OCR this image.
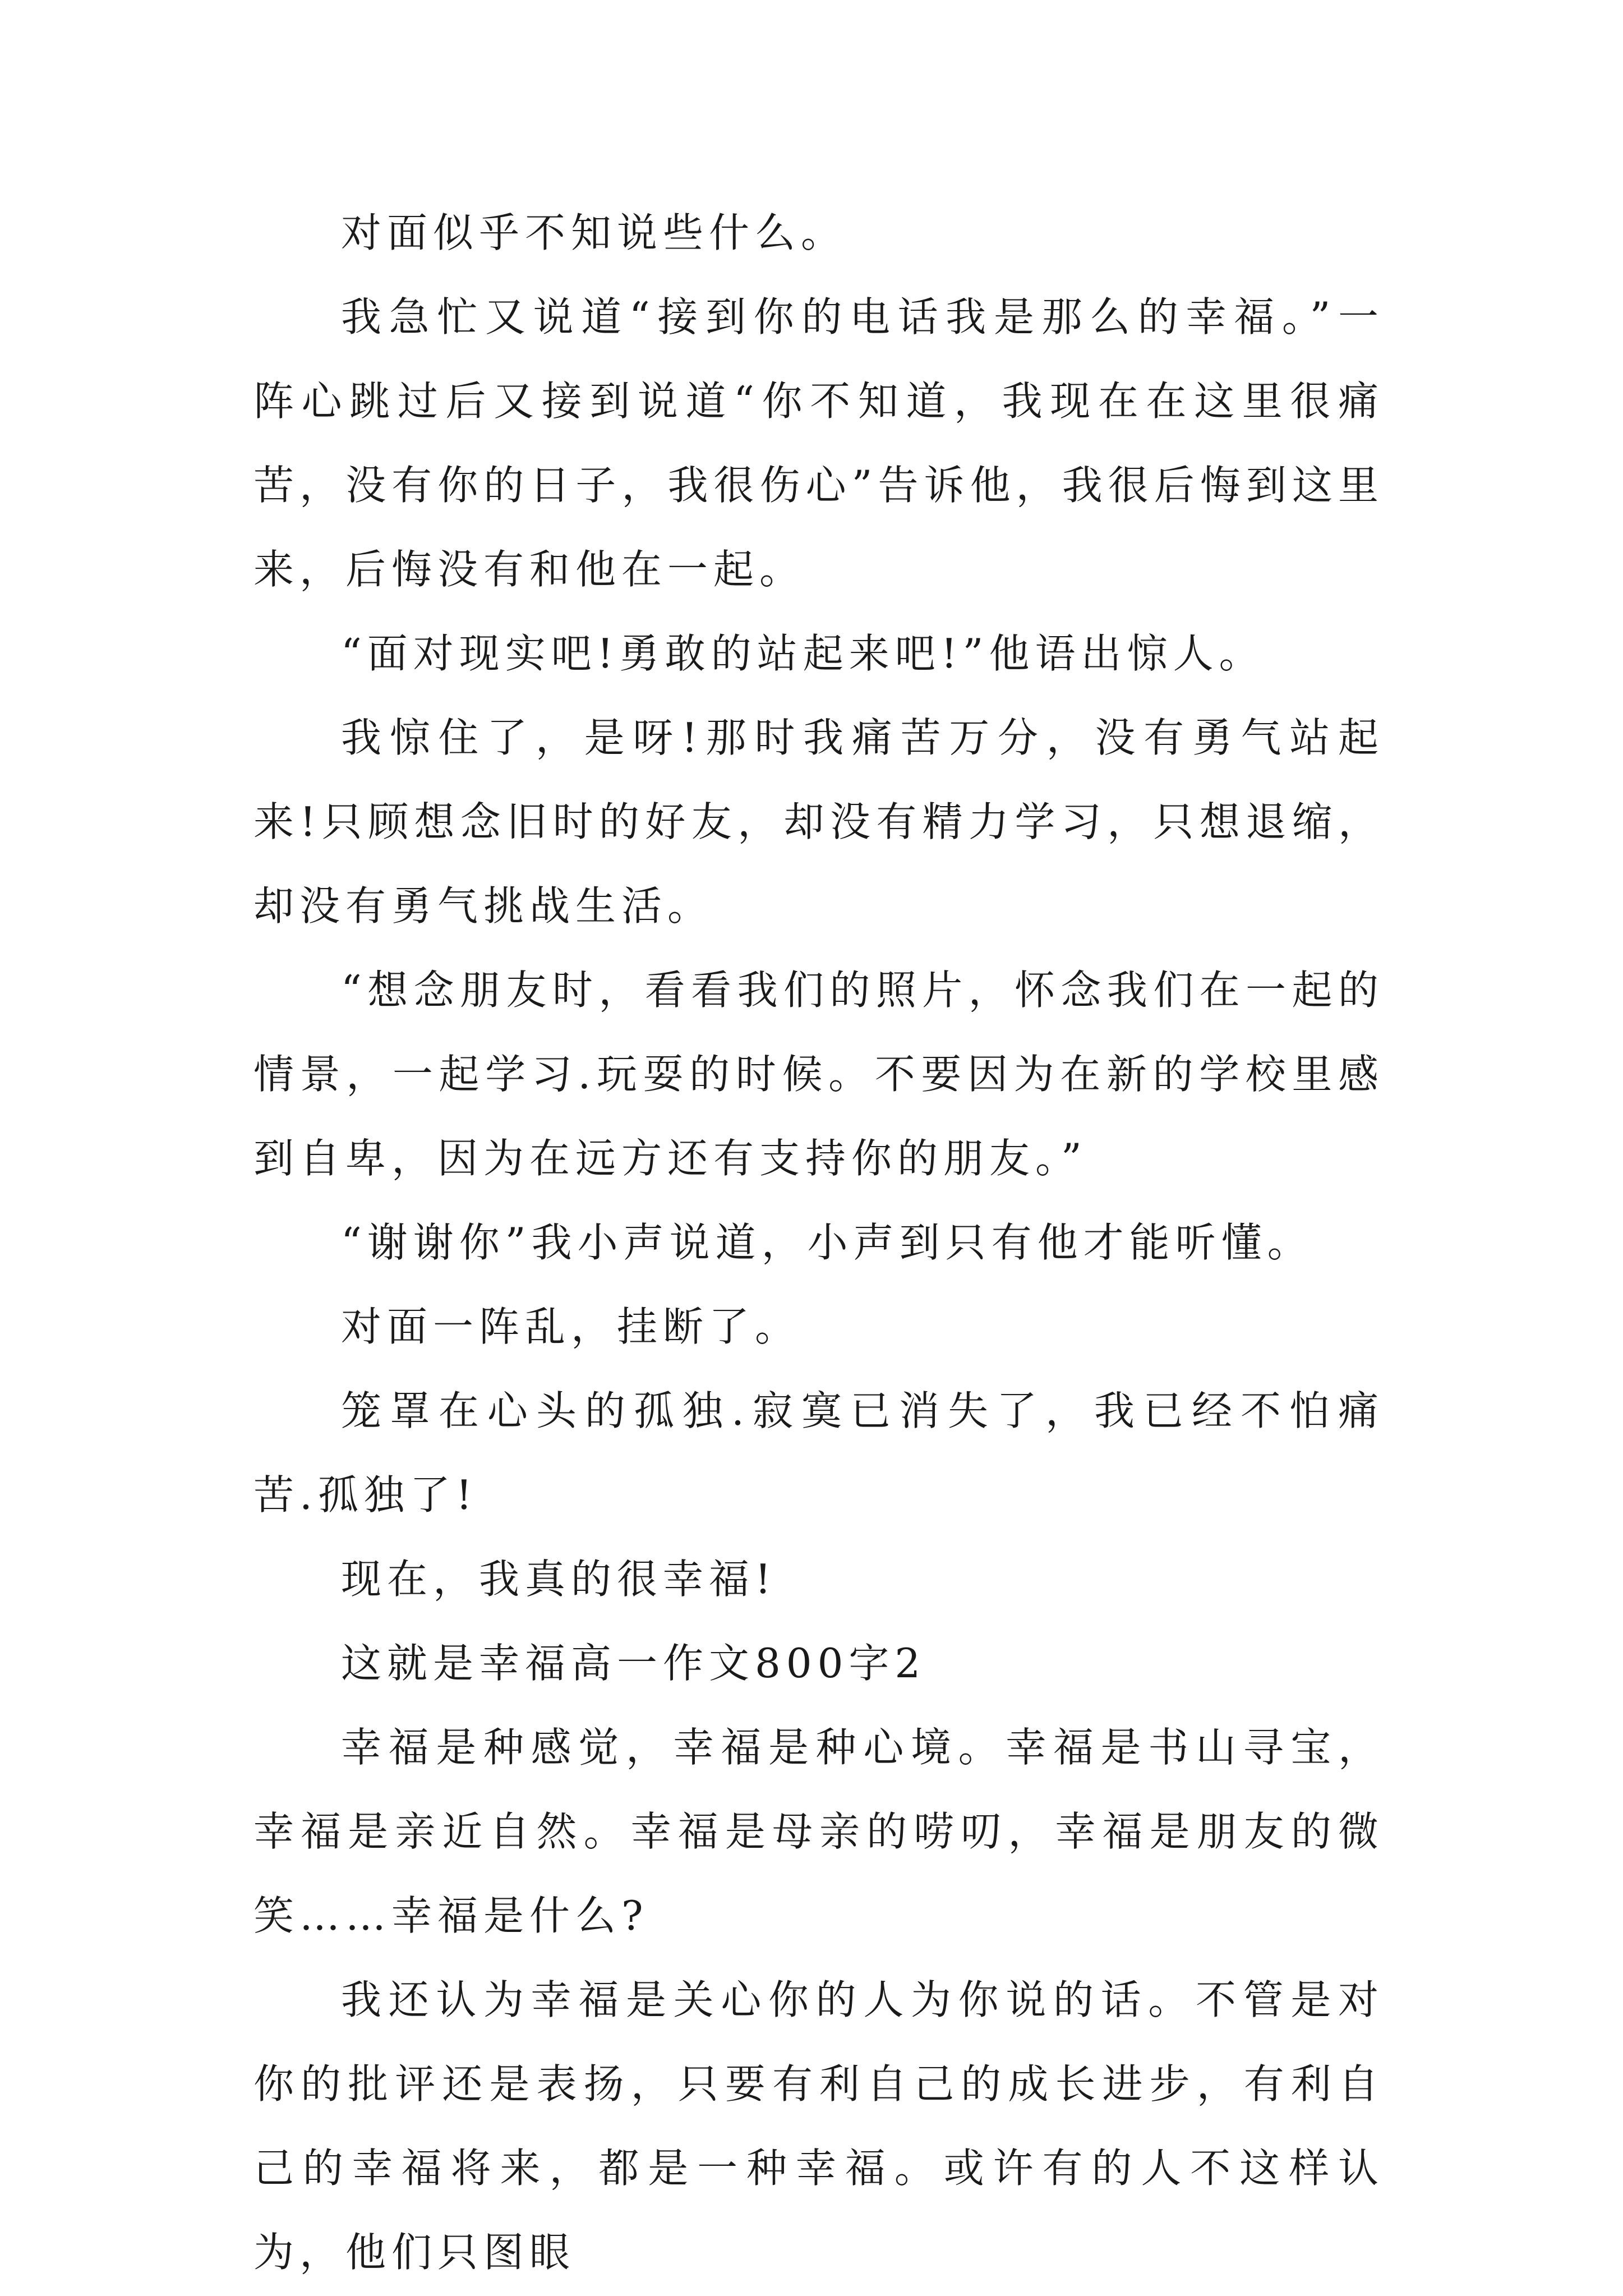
对面似乎不知说些什么。

我急忙又说道“接到你的电话我是那么的幸福。”一阵心跳过后又接到说道“你不知道，我现在在这里很痛苦，没有你的日子，我很伤心”告诉他，我很后悔到这里来，后悔没有和他在一起。

“面对现实吧!勇敢的站起来吧!”他语出惊人。

我惊住了，是呀!那时我痛苦万分，没有勇气站起来!只顾想念旧时的好友，却没有精力学习，只想退缩，却没有勇气挑战生活。

“想念朋友时，看看我们的照片，怀念我们在一起的情景，一起学习.玩耍的时候。不要因为在新的学校里感到自卑，因为在远方还有支持你的朋友。”

“谢谢你”我小声说道，小声到只有他才能听懂。

对面一阵乱，挂断了。

笼罩在心头的孤独.寂寞已消失了，我已经不怕痛苦.孤独了!

现在，我真的很幸福!

这就是幸福高一作文800字2

幸福是种感觉，幸福是种心境。幸福是书山寻宝，幸福是亲近自然。幸福是母亲的唠叨，幸福是朋友的微笑……幸福是什么?

我还认为幸福是关心你的人为你说的话。不管是对你的批评还是表扬，只要有利自己的成长进步，有利自己的幸福将来，都是一种幸福。或许有的人不这样认为，他们只图眼
